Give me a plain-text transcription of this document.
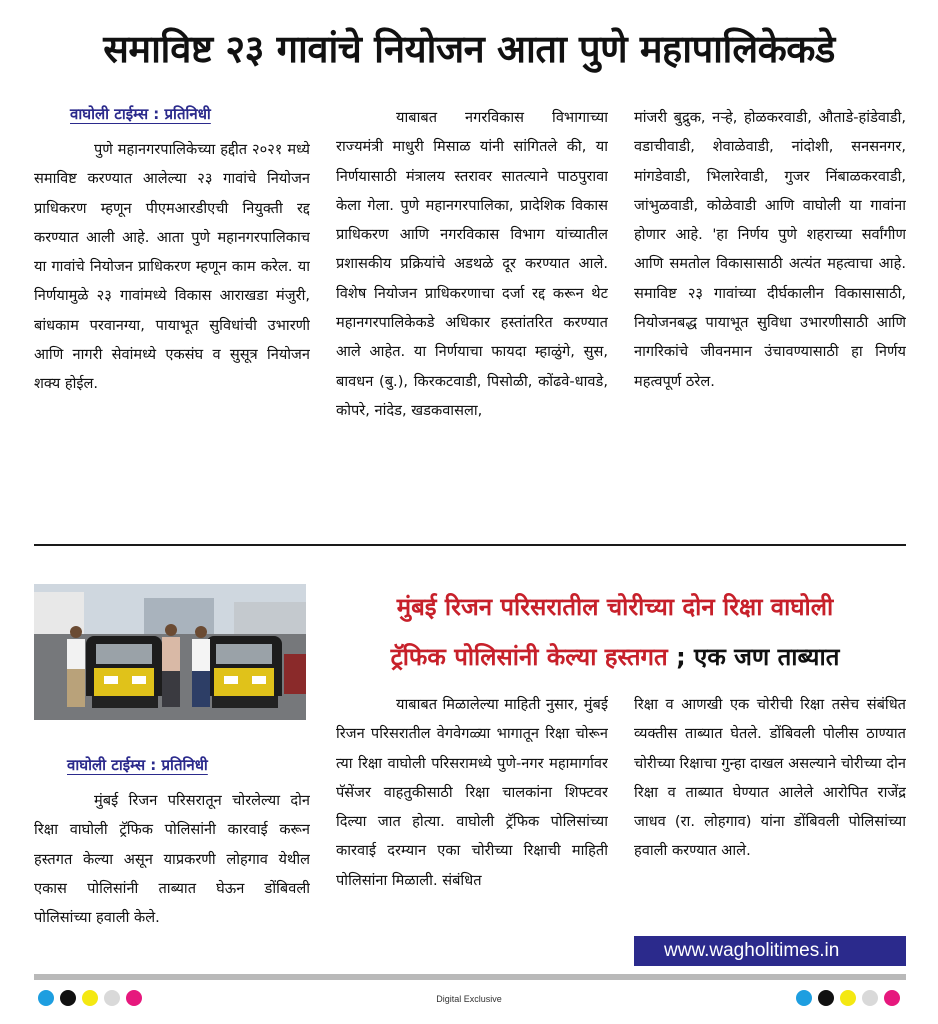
समाविष्ट २३ गावांचे नियोजन आता पुणे महापालिकेकडे
वाघोली टाईम्स : प्रतिनिधी

पुणे महानगरपालिकेच्या हद्दीत २०२१ मध्ये समाविष्ट करण्यात आलेल्या २३ गावांचे नियोजन प्राधिकरण म्हणून पीएमआरडीएची नियुक्ती रद्द करण्यात आली आहे. आता पुणे महानगरपालिकाच या गावांचे नियोजन प्राधिकरण म्हणून काम करेल. या निर्णयामुळे २३ गावांमध्ये विकास आराखडा मंजुरी, बांधकाम परवानग्या, पायाभूत सुविधांची उभारणी आणि नागरी सेवांमध्ये एकसंघ व सुसूत्र नियोजन शक्य होईल.

याबाबत नगरविकास विभागाच्या राज्यमंत्री माधुरी मिसाळ यांनी सांगितले की, या निर्णयासाठी मंत्रालय स्तरावर सातत्याने पाठपुरावा केला गेला. पुणे महानगरपालिका, प्रादेशिक विकास प्राधिकरण आणि नगरविकास विभाग यांच्यातील प्रशासकीय प्रक्रियांचे अडथळे दूर करण्यात आले. विशेष नियोजन प्राधिकरणाचा दर्जा रद्द करून थेट महानगरपालिकेकडे अधिकार हस्तांतरित करण्यात आले आहेत. या निर्णयाचा फायदा म्हाळुंगे, सुस, बावधन (बु.), किरकटवाडी, पिसोळी, कोंढवे-धावडे, कोपरे, नांदेड, खडकवासला,

मांजरी बुद्रुक, नऱ्हे, होळकरवाडी, औताडे-हांडेवाडी, वडाचीवाडी, शेवाळेवाडी, नांदोशी, सनसनगर, मांगडेवाडी, भिलारेवाडी, गुजर निंबाळकरवाडी, जांभुळवाडी, कोळेवाडी आणि वाघोली या गावांना होणार आहे. 'हा निर्णय पुणे शहराच्या सर्वांगीण आणि समतोल विकासासाठी अत्यंत महत्वाचा आहे. समाविष्ट २३ गावांच्या दीर्घकालीन विकासासाठी, नियोजनबद्ध पायाभूत सुविधा उभारणीसाठी आणि नागरिकांचे जीवनमान उंचावण्यासाठी हा निर्णय महत्वपूर्ण ठरेल.

मुंबई रिजन परिसरातील चोरीच्या दोन रिक्षा वाघोली
ट्रॅफिक पोलिसांनी केल्या हस्तगत ; एक जण ताब्यात
वाघोली टाईम्स : प्रतिनिधी

मुंबई रिजन परिसरातून चोरलेल्या दोन रिक्षा वाघोली ट्रॅफिक पोलिसांनी कारवाई करून हस्तगत केल्या असून याप्रकरणी लोहगाव येथील एकास पोलिसांनी ताब्यात घेऊन डोंबिवली पोलिसांच्या हवाली केले.

याबाबत मिळालेल्या माहिती नुसार, मुंबई रिजन परिसरातील वेगवेगळ्या भागातून रिक्षा चोरून त्या रिक्षा वाघोली परिसरामध्ये पुणे-नगर महामार्गावर पॅसेंजर वाहतुकीसाठी रिक्षा चालकांना शिफ्टवर दिल्या जात होत्या. वाघोली ट्रॅफिक पोलिसांच्या कारवाई दरम्यान एका चोरीच्या रिक्षाची माहिती पोलिसांना मिळाली. संबंधित

रिक्षा व आणखी एक चोरीची रिक्षा तसेच संबंधित व्यक्तीस ताब्यात घेतले. डोंबिवली पोलीस ठाण्यात चोरीच्या रिक्षाचा गुन्हा दाखल असल्याने चोरीच्या दोन रिक्षा व ताब्यात घेण्यात आलेले आरोपित राजेंद्र जाधव (रा. लोहगाव) यांना डोंबिवली पोलिसांच्या हवाली करण्यात आले.

www.wagholitimes.in
Digital Exclusive
